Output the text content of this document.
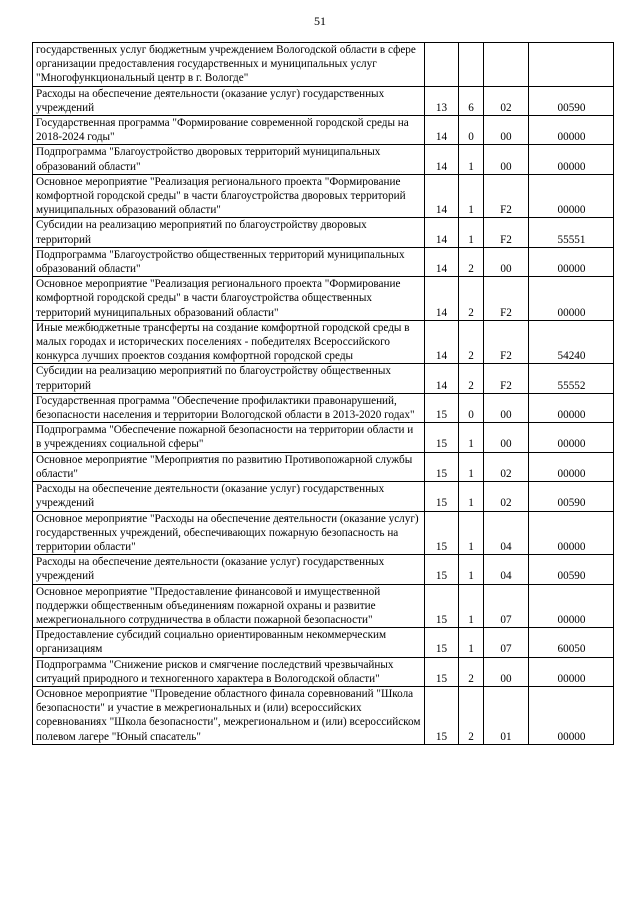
51
государственных услуг бюджетным учреждением Вологодской области в сфере организации предоставления государственных и муниципальных услуг "Многофункциональный центр в г. Вологде"				
Расходы на обеспечение деятельности (оказание услуг) государственных учреждений	13	6	02	00590
Государственная программа "Формирование современной городской среды на 2018-2024 годы"	14	0	00	00000
Подпрограмма "Благоустройство дворовых территорий муниципальных образований области"	14	1	00	00000
Основное мероприятие "Реализация регионального проекта "Формирование комфортной городской среды" в части благоустройства дворовых территорий муниципальных образований области"	14	1	F2	00000
Субсидии на реализацию мероприятий по благоустройству дворовых территорий	14	1	F2	55551
Подпрограмма "Благоустройство общественных территорий муниципальных образований области"	14	2	00	00000
Основное мероприятие "Реализация регионального проекта "Формирование комфортной городской среды" в части благоустройства общественных территорий муниципальных образований области"	14	2	F2	00000
Иные межбюджетные трансферты на создание комфортной городской среды в малых городах и исторических поселениях - победителях Всероссийского конкурса лучших проектов создания комфортной городской среды	14	2	F2	54240
Субсидии на реализацию мероприятий по благоустройству общественных территорий	14	2	F2	55552
Государственная программа "Обеспечение профилактики правонарушений, безопасности населения и территории Вологодской области в 2013-2020 годах"	15	0	00	00000
Подпрограмма "Обеспечение пожарной безопасности на территории области и в учреждениях социальной сферы"	15	1	00	00000
Основное мероприятие "Мероприятия по развитию Противопожарной службы области"	15	1	02	00000
Расходы на обеспечение деятельности (оказание услуг) государственных учреждений	15	1	02	00590
Основное мероприятие "Расходы на обеспечение деятельности (оказание услуг) государственных учреждений, обеспечивающих пожарную безопасность на территории области"	15	1	04	00000
Расходы на обеспечение деятельности (оказание услуг) государственных учреждений	15	1	04	00590
Основное мероприятие "Предоставление финансовой и имущественной поддержки общественным объединениям пожарной охраны и развитие межрегионального сотрудничества в области пожарной безопасности"	15	1	07	00000
Предоставление субсидий социально ориентированным некоммерческим организациям	15	1	07	60050
Подпрограмма "Снижение рисков и смягчение последствий чрезвычайных ситуаций природного и техногенного характера в Вологодской области"	15	2	00	00000
Основное мероприятие "Проведение областного финала соревнований "Школа безопасности" и участие в межрегиональных и (или) всероссийских соревнованиях "Школа безопасности", межрегиональном и (или) всероссийском полевом лагере "Юный спасатель"	15	2	01	00000
